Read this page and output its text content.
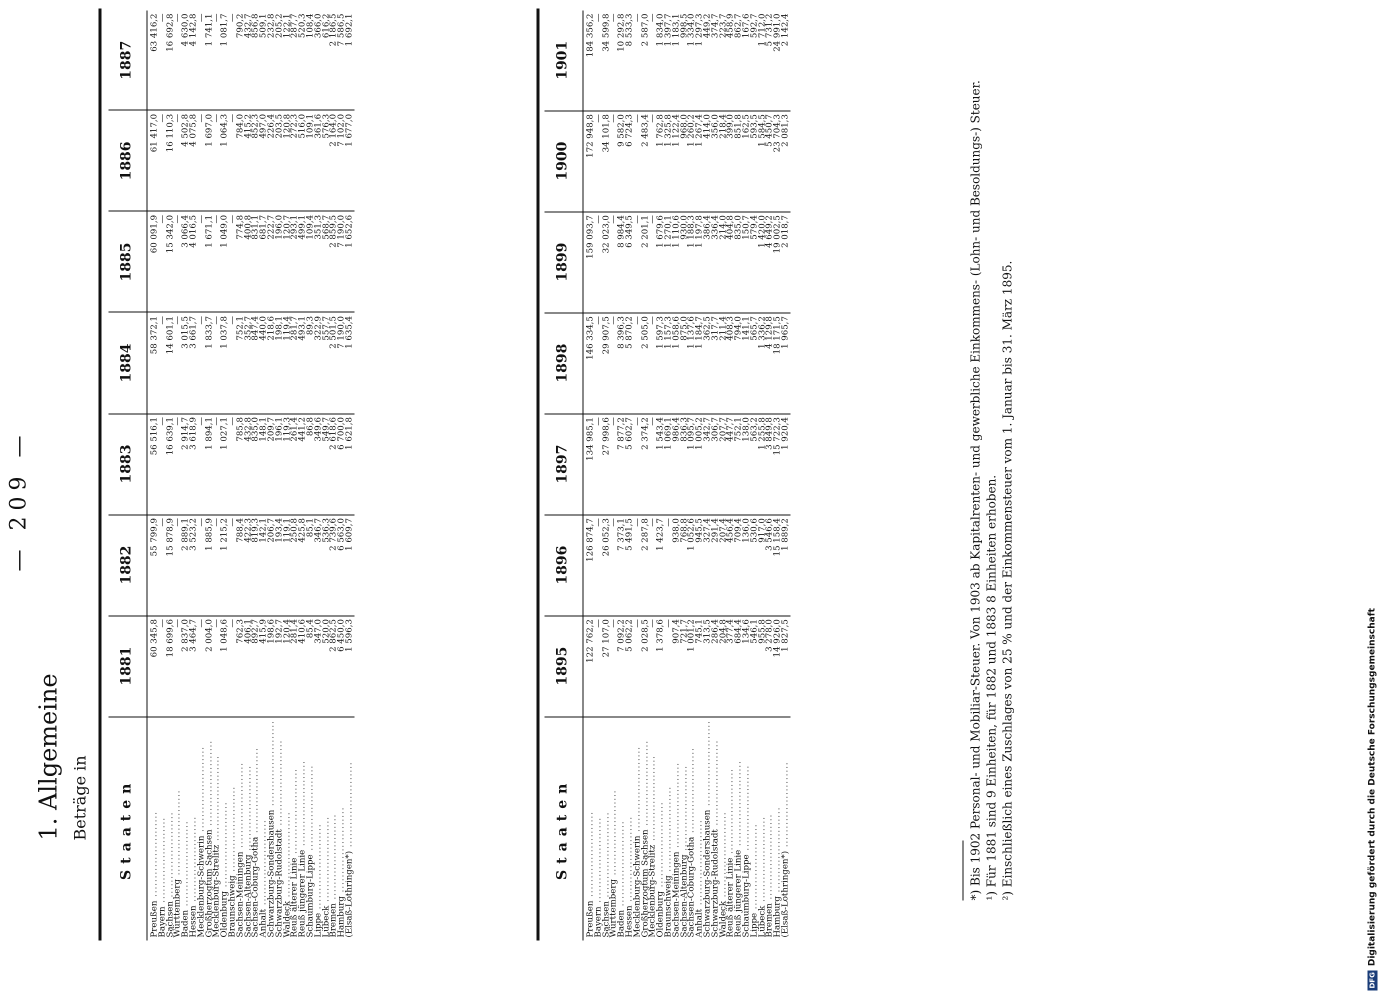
— 209 —
1. Allgemeine Beträge in Staaten	1881	1882	1883	1884	1885	1886	1887
Preußen .......................	60 345,8	55 799,9	56 516,1	58 372,1	60 091,9	61 417,0	63 416,2
Bayern .......................	—	—	—	—	—	—	—
Sachsen .......................	18 699,6	15 878,9	16 639,1	14 601,1	15 342,0	16 110,3	16 692,8
Württemberg .......................	—	—	—	—	—	—	—
Baden .......................	2 837,0	2 889,1	2 914,7	3 015,5	3 066,4	4 502,8	4 630,0
Hessen .......................	3 464,7	3 523,2	3 618,9	3 661,7	4 016,5	4 075,8	4 142,8
Mecklenburg-Schwerin .......................	—	—	—	—	—	—	—
Großherzogtum Sachsen .......................	2 004,0	1 885,9	1 894,1	1 833,7	1 671,1	1 697,0	1 741,1
Mecklenburg-Strelitz .......................	—	—	—	—	—	—	—
Oldenburg .......................	1 048,6	1 215,2	1 027,1	1 037,8	1 049,0	1 064,3	1 081,7
Braunschweig .......................	—	—	—	—	—	—	—
Sachsen-Meiningen .......................	762,3	788,4	785,8	752,1	774,8	784,0	790,2
Sachsen-Altenburg .......................	406,1	422,3	432,8	352,7	400,8	415,2	432,7
Sachsen-Coburg-Gotha .......................	892,7	819,3	835,0	847,4	831,1	852,3	856,8
Anhalt .......................	415,9	142,1	148,1	440,0	681,7	497,0	509,1
Schwarzburg-Sondershausen .......................	198,6	206,7	209,7	218,6	222,7	226,4	232,8
Schwarzburg-Rudolstadt .......................	192,7	193,4	196,1	198,1	196,0	203,5	205,2
Waldeck .......................	120,4	119,1	119,3	119,4	120,7	120,8	122,1
Reuß älterer Linie .......................	281,4	250,8	261,4	281,7	293,1	272,3	287,7
Reuß jüngerer Linie .......................	410,6	425,8	441,2	493,1	499,1	516,0	520,3
Schaumburg-Lippe .......................	85,4	85,1	86,8	89,3	109,4	109,1	108,4
Lippe .......................	347,0	346,7	349,6	322,9	351,3	361,6	366,0
Lübeck .......................	520,0	536,3	549,7	557,7	568,7	576,3	616,2
Bremen .......................	2 862,5	2 739,6	2 618,6	2 501,5	2 859,5	2 164,0	2 186,5
Hamburg .......................	6 450,0	6 563,0	6 700,0	7 190,0	7 190,0	7 102,0	7 586,5
(Elsaß-Lothringen*) .......................	1 596,3	1 609,7	1 621,8	1 635,4	1 652,6	1 677,0	1 692,1
Staaten	1895	1896	1897	1898	1899	1900	1901
Preußen .......................	122 762,2	126 874,7	134 985,1	146 334,5	159 093,7	172 948,8	184 356,2
Bayern .......................	—	—	—	—	—	—	—
Sachsen .......................	27 107,0	26 052,3	27 998,6	29 907,5	32 023,0	34 101,8	34 599,8
Württemberg .......................	—	—	—	—	—	—	—
Baden .......................	7 092,2	7 373,1	7 877,2	8 396,3	8 984,4	9 582,0	10 292,8
Hessen .......................	5 062,2	5 491,5	5 602,7	5 870,2	6 349,5	6 724,3	8 533,3
Mecklenburg-Schwerin .......................	—	—	—	—	—	—	—
Großherzogtum Sachsen .......................	2 028,5	2 287,8	2 374,2	2 505,0	2 201,1	2 483,4	2 587,0
Mecklenburg-Strelitz .......................	—	—	—	—	—	—	—
Oldenburg .......................	1 378,6	1 423,7	1 543,4	1 597,3	1 679,6	1 762,8	1 834,0
Braunschweig .......................	—	—	1 069,1	1 157,3	1 270,1	1 325,8	1 397,7
Sachsen-Meiningen .......................	907,4	938,0	986,4	1 058,6	1 110,6	1 122,4	1 183,1
Sachsen-Altenburg .......................	721,7	768,8	836,3	875,0	930,0	968,0	998,5
Sachsen-Coburg-Gotha .......................	1 001,2	1 052,6	1 095,7	1 137,6	1 188,3	1 260,2	1 334,0
Anhalt .......................	745,1	945,5	1 005,2	1 184,7	1 197,8	1 267,4	1 297,3
Schwarzburg-Sondershausen .......................	313,5	327,4	342,7	362,5	386,4	414,0	449,2
Schwarzburg-Rudolstadt .......................	286,4	291,4	306,7	317,7	336,4	356,0	374,7
Waldeck .......................	204,8	207,4	207,7	211,4	214,0	218,4	223,7
Reuß älterer Linie .......................	377,4	456,4	447,7	408,3	404,8	399,0	458,9
Reuß jüngerer Linie .......................	684,4	709,4	752,1	794,0	835,0	851,8	862,7
Schaumburg-Lippe .......................	134,6	136,0	138,0	141,1	150,7	162,5	167,6
Lippe .......................	546,1	530,6	563,2	565,7	579,4	593,5	592,7
Lübeck .......................	955,8	917,0	1 255,8	1 336,2	1 420,0	1 584,5	1 712,0
Bremen .......................	3 278,0	3 546,6	3 849,8	4 129,8	4 649,2	5 450,7	5 731,2
Hamburg .......................	14 926,0	15 158,4	15 722,3	18 171,5	19 002,5	23 704,3	24 991,0
(Elsaß-Lothringen*) .......................	1 827,5	1 889,2	1 920,4	1 965,7	2 018,7	2 081,3	2 142,4
*) Bis 1902 Personal- und Mobiliar-Steuer. Von 1903 ab Kapitalrenten- und gewerbliche Einkommens- (Lohn- und Besoldungs-) Steuer. ¹) Für 1881 sind 9 Einheiten, für 1882 und 1883 8 Einheiten erhoben. ²) Einschließlich eines Zuschlages von 25 % und der Einkommensteuer vom 1. Januar bis 31. März 1895.
DFGDigitalisierung gefördert durch die Deutsche Forschungsgemeinschaft
